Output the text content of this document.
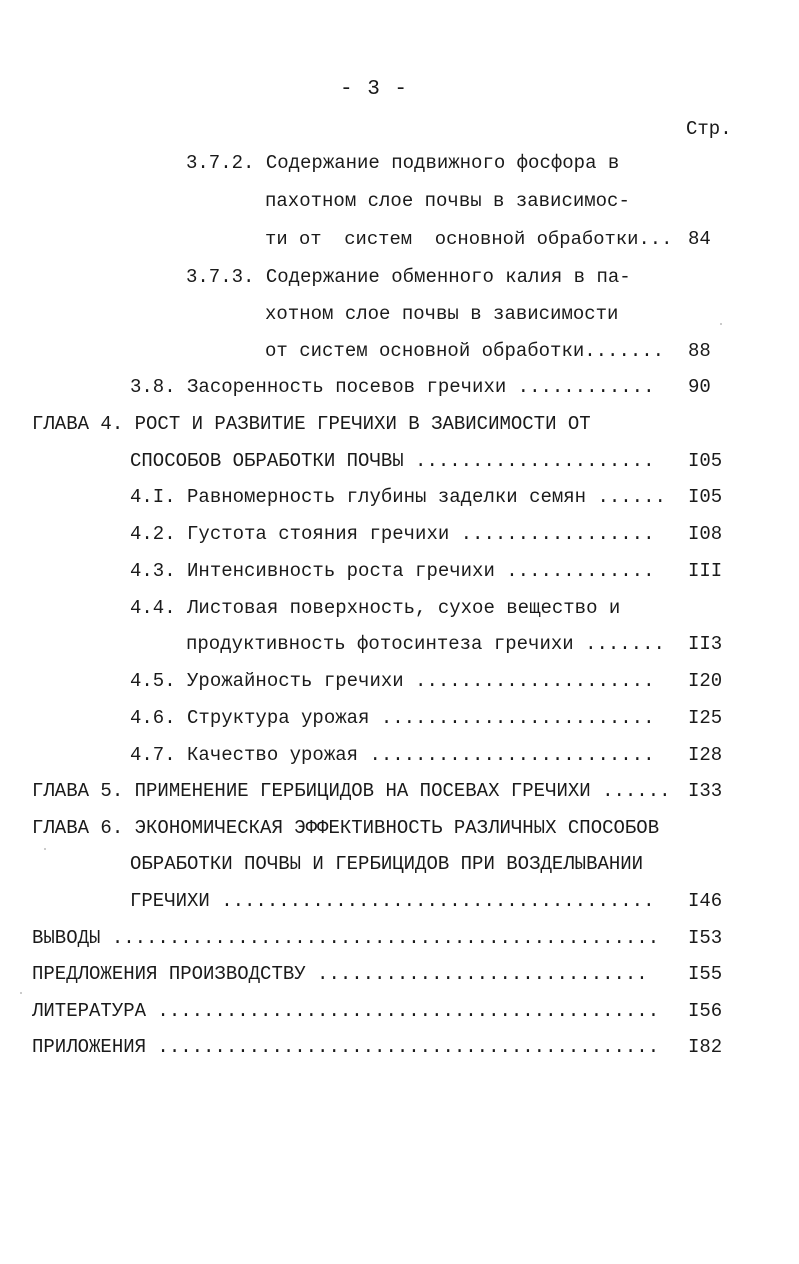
- 3 -
Стр.
3.7.2. Содержание подвижного фосфора в
пахотном слое почвы в зависимос-
ти от  систем  основной обработки... 84
3.7.3. Содержание обменного калия в па-
хотном слое почвы в зависимости
от систем основной обработки....... 88
3.8. Засоренность посевов гречихи ............ 90
ГЛАВА 4. РОСТ И РАЗВИТИЕ ГРЕЧИХИ В ЗАВИСИМОСТИ ОТ
СПОСОБОВ ОБРАБОТКИ ПОЧВЫ ..................... I05
4.I. Равномерность глубины заделки семян ...... I05
4.2. Густота стояния гречихи ................. I08
4.3. Интенсивность роста гречихи ............. III
4.4. Листовая поверхность, сухое вещество и
продуктивность фотосинтеза гречихи ....... II3
4.5. Урожайность гречихи ..................... I20
4.6. Структура урожая ........................ I25
4.7. Качество урожая ......................... I28
ГЛАВА 5. ПРИМЕНЕНИЕ ГЕРБИЦИДОВ НА ПОСЕВАХ ГРЕЧИХИ ...... I33
ГЛАВА 6. ЭКОНОМИЧЕСКАЯ ЭФФЕКТИВНОСТЬ РАЗЛИЧНЫХ СПОСОБОВ
ОБРАБОТКИ ПОЧВЫ И ГЕРБИЦИДОВ ПРИ ВОЗДЕЛЫВАНИИ
ГРЕЧИХИ ...................................... I46
ВЫВОДЫ ................................................ I53
ПРЕДЛОЖЕНИЯ ПРОИЗВОДСТВУ ............................. I55
ЛИТЕРАТУРА ............................................ I56
ПРИЛОЖЕНИЯ ............................................ I82
